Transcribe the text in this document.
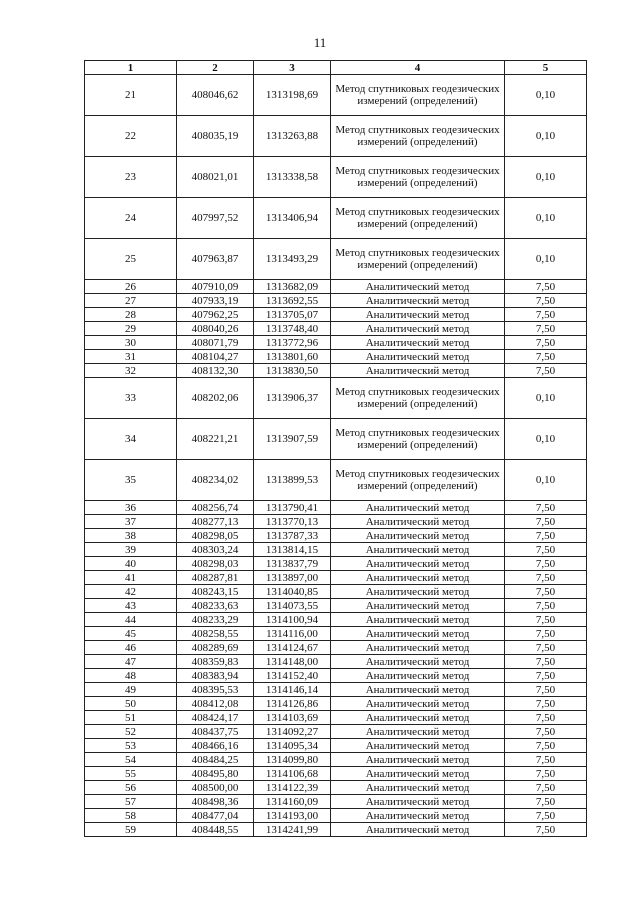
11
1	2	3	4	5
21	408046,62	1313198,69	Метод спутниковых геодезических измерений (определений)	0,10
22	408035,19	1313263,88	Метод спутниковых геодезических измерений (определений)	0,10
23	408021,01	1313338,58	Метод спутниковых геодезических измерений (определений)	0,10
24	407997,52	1313406,94	Метод спутниковых геодезических измерений (определений)	0,10
25	407963,87	1313493,29	Метод спутниковых геодезических измерений (определений)	0,10
26	407910,09	1313682,09	Аналитический метод	7,50
27	407933,19	1313692,55	Аналитический метод	7,50
28	407962,25	1313705,07	Аналитический метод	7,50
29	408040,26	1313748,40	Аналитический метод	7,50
30	408071,79	1313772,96	Аналитический метод	7,50
31	408104,27	1313801,60	Аналитический метод	7,50
32	408132,30	1313830,50	Аналитический метод	7,50
33	408202,06	1313906,37	Метод спутниковых геодезических измерений (определений)	0,10
34	408221,21	1313907,59	Метод спутниковых геодезических измерений (определений)	0,10
35	408234,02	1313899,53	Метод спутниковых геодезических измерений (определений)	0,10
36	408256,74	1313790,41	Аналитический метод	7,50
37	408277,13	1313770,13	Аналитический метод	7,50
38	408298,05	1313787,33	Аналитический метод	7,50
39	408303,24	1313814,15	Аналитический метод	7,50
40	408298,03	1313837,79	Аналитический метод	7,50
41	408287,81	1313897,00	Аналитический метод	7,50
42	408243,15	1314040,85	Аналитический метод	7,50
43	408233,63	1314073,55	Аналитический метод	7,50
44	408233,29	1314100,94	Аналитический метод	7,50
45	408258,55	1314116,00	Аналитический метод	7,50
46	408289,69	1314124,67	Аналитический метод	7,50
47	408359,83	1314148,00	Аналитический метод	7,50
48	408383,94	1314152,40	Аналитический метод	7,50
49	408395,53	1314146,14	Аналитический метод	7,50
50	408412,08	1314126,86	Аналитический метод	7,50
51	408424,17	1314103,69	Аналитический метод	7,50
52	408437,75	1314092,27	Аналитический метод	7,50
53	408466,16	1314095,34	Аналитический метод	7,50
54	408484,25	1314099,80	Аналитический метод	7,50
55	408495,80	1314106,68	Аналитический метод	7,50
56	408500,00	1314122,39	Аналитический метод	7,50
57	408498,36	1314160,09	Аналитический метод	7,50
58	408477,04	1314193,00	Аналитический метод	7,50
59	408448,55	1314241,99	Аналитический метод	7,50
